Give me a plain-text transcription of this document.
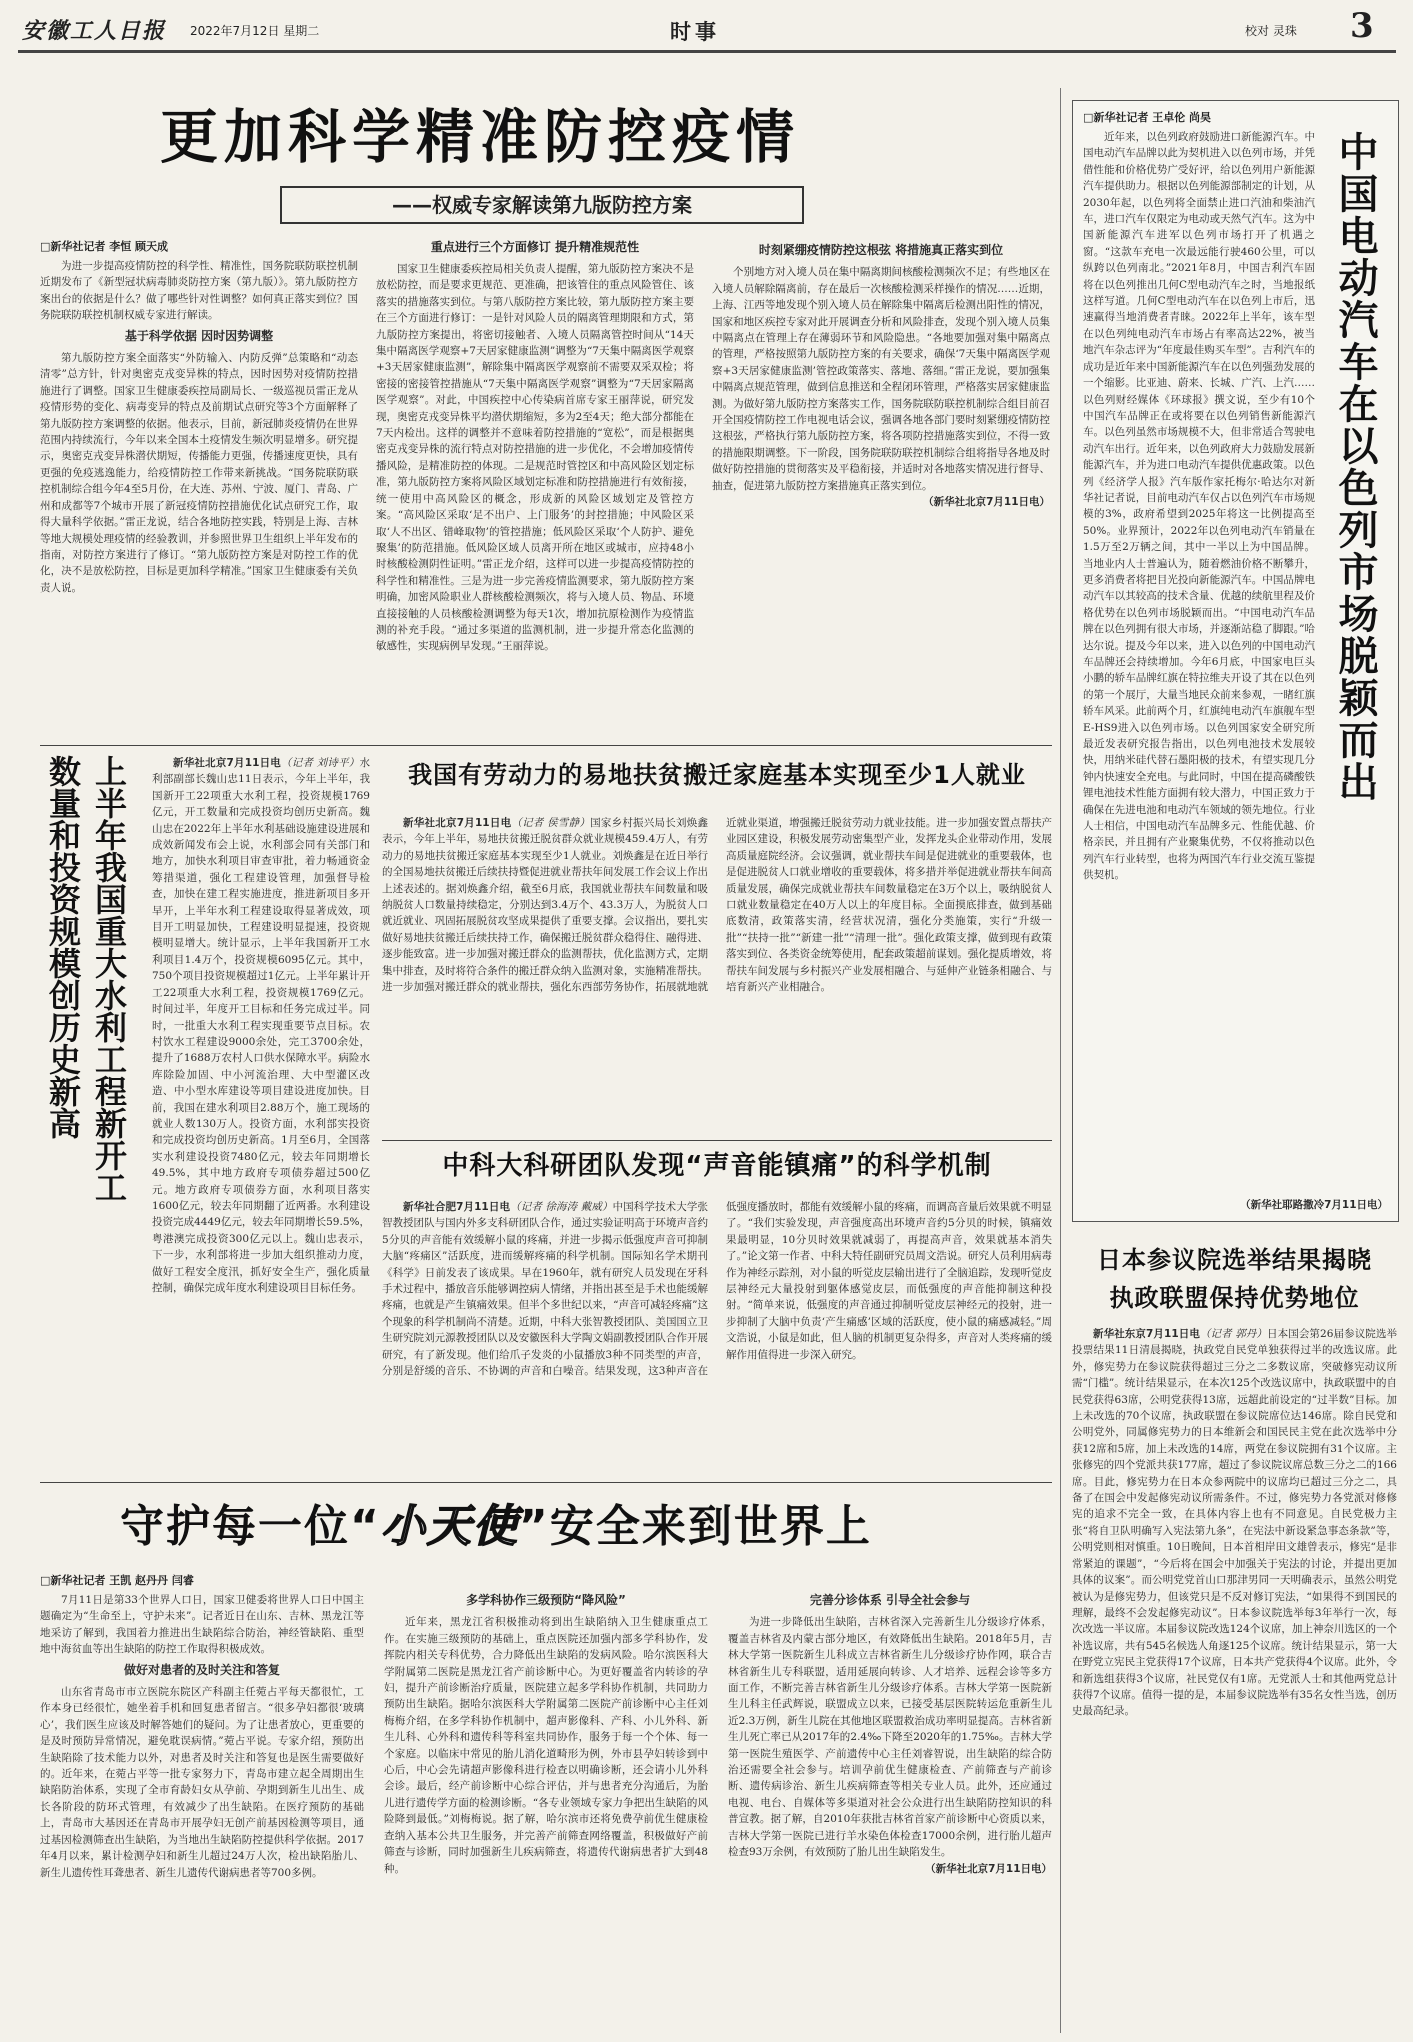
安徽工人日报 2022年7月12日 星期二	时事	校对 灵珠 3
更加科学精准防控疫情
——权威专家解读第九版防控方案
□新华社记者 李恒 顾天成

为进一步提高疫情防控的科学性、精准性，国务院联防联控机制近期发布了《新型冠状病毒肺炎防控方案（第九版）》。第九版防控方案出台的依据是什么？做了哪些针对性调整？如何真正落实到位？国务院联防联控机制权威专家进行解读。

基于科学依据 因时因势调整

第九版防控方案全面落实“外防输入、内防反弹”总策略和“动态清零”总方针，针对奥密克戎变异株的特点，因时因势对疫情防控措施进行了调整。国家卫生健康委疾控局副局长、一级巡视员雷正龙从疫情形势的变化、病毒变异的特点及前期试点研究等3个方面解释了第九版防控方案调整的依据。他表示，目前，新冠肺炎疫情仍在世界范围内持续流行，今年以来全国本土疫情发生频次明显增多。研究提示，奥密克戎变异株潜伏期短，传播能力更强，传播速度更快，具有更强的免疫逃逸能力，给疫情防控工作带来新挑战。“国务院联防联控机制综合组今年4至5月份，在大连、苏州、宁波、厦门、青岛、广州和成都等7个城市开展了新冠疫情防控措施优化试点研究工作，取得大量科学依据。”雷正龙说，结合各地防控实践，特别是上海、吉林等地大规模处理疫情的经验教训，并参照世界卫生组织上半年发布的指南，对防控方案进行了修订。“第九版防控方案是对防控工作的优化，决不是放松防控，目标是更加科学精准。”国家卫生健康委有关负责人说。

重点进行三个方面修订 提升精准规范性

国家卫生健康委疾控局相关负责人提醒，第九版防控方案决不是放松防控，而是要求更规范、更准确，把该管住的重点风险管住、该落实的措施落实到位。与第八版防控方案比较，第九版防控方案主要在三个方面进行修订：一是针对风险人员的隔离管理期限和方式，第九版防控方案提出，将密切接触者、入境人员隔离管控时间从“14天集中隔离医学观察+7天居家健康监测”调整为“7天集中隔离医学观察+3天居家健康监测”，解除集中隔离医学观察前不需要双采双检；将密接的密接管控措施从“7天集中隔离医学观察”调整为“7天居家隔离医学观察”。对此，中国疾控中心传染病首席专家王丽萍说，研究发现，奥密克戎变异株平均潜伏期缩短，多为2至4天；绝大部分都能在7天内检出。这样的调整并不意味着防控措施的“宽松”，而是根据奥密克戎变异株的流行特点对防控措施的进一步优化，不会增加疫情传播风险，是精准防控的体现。二是规范时管控区和中高风险区划定标准，第九版防控方案将风险区域划定标准和防控措施进行有效衔接，统一使用中高风险区的概念，形成新的风险区域划定及管控方案。“高风险区采取‘足不出户、上门服务’的封控措施；中风险区采取‘人不出区、错峰取物’的管控措施；低风险区采取‘个人防护、避免聚集’的防范措施。低风险区域人员离开所在地区或城市，应持48小时核酸检测阴性证明。”雷正龙介绍，这样可以进一步提高疫情防控的科学性和精准性。三是为进一步完善疫情监测要求，第九版防控方案明确，加密风险职业人群核酸检测频次，将与入境人员、物品、环境直接接触的人员核酸检测调整为每天1次，增加抗原检测作为疫情监测的补充手段。“通过多渠道的监测机制，进一步提升常态化监测的敏感性，实现病例早发现。”王丽萍说。

时刻紧绷疫情防控这根弦 将措施真正落实到位

个别地方对入境人员在集中隔离期间核酸检测频次不足；有些地区在入境人员解除隔离前，存在最后一次核酸检测采样操作的情况……近期，上海、江西等地发现个别入境人员在解除集中隔离后检测出阳性的情况，国家和地区疾控专家对此开展调查分析和风险排查，发现个别入境人员集中隔离点在管理上存在薄弱环节和风险隐患。“各地要加强对集中隔离点的管理，严格按照第九版防控方案的有关要求，确保‘7天集中隔离医学观察+3天居家健康监测’管控政策落实、落地、落细。”雷正龙说，要加强集中隔离点规范管理，做到信息推送和全程闭环管理，严格落实居家健康监测。为做好第九版防控方案落实工作，国务院联防联控机制综合组目前召开全国疫情防控工作电视电话会议，强调各地各部门要时刻紧绷疫情防控这根弦，严格执行第九版防控方案，将各项防控措施落实到位，不得一致的措施限期调整。下一阶段，国务院联防联控机制综合组将指导各地及时做好防控措施的贯彻落实及平稳衔接，并适时对各地落实情况进行督导、抽查，促进第九版防控方案措施真正落实到位。

（新华社北京7月11日电）
上半年我国重大水利工程新开工数量和投资规模创历史新高	新华社北京7月11日电（记者 刘诗平）水利部副部长魏山忠11日表示，今年上半年，我国新开工22项重大水利工程，投资规模1769亿元，开工数量和完成投资均创历史新高。魏山忠在2022年上半年水利基础设施建设进展和成效新闻发布会上说，水利部会同有关部门和地方，加快水利项目审查审批，着力畅通资金筹措渠道，强化工程建设管理，加强督导检查，加快在建工程实施进度，推进新项目多开早开，上半年水利工程建设取得显著成效，项目开工明显加快，工程建设明显提速，投资规模明显增大。统计显示，上半年我国新开工水利项目1.4万个，投资规模6095亿元。其中，750个项目投资规模超过1亿元。上半年累计开工22项重大水利工程，投资规模1769亿元。时间过半，年度开工目标和任务完成过半。同时，一批重大水利工程实现重要节点目标。农村饮水工程建设9000余处，完工3700余处，提升了1688万农村人口供水保障水平。病险水库除险加固、中小河流治理、大中型灌区改造、中小型水库建设等项目建设进度加快。目前，我国在建水利项目2.88万个，施工现场的就业人数130万人。投资方面，水利部实投资和完成投资均创历史新高。1月至6月，全国落实水利建设投资7480亿元，较去年同期增长49.5%，其中地方政府专项债券超过500亿元。地方政府专项债券方面，水利项目落实1600亿元，较去年同期翻了近两番。水利建设投资完成4449亿元，较去年同期增长59.5%，粤港澳完成投资300亿元以上。魏山忠表示，下一步，水利部将进一步加大组织推动力度，做好工程安全度汛，抓好安全生产，强化质量控制，确保完成年度水利建设项目目标任务。

我国有劳动力的易地扶贫搬迁家庭基本实现至少1人就业

新华社北京7月11日电（记者 侯雪静）国家乡村振兴局长刘焕鑫表示，今年上半年，易地扶贫搬迁脱贫群众就业规模459.4万人，有劳动力的易地扶贫搬迁家庭基本实现至少1人就业。刘焕鑫是在近日举行的全国易地扶贫搬迁后续扶持暨促进就业帮扶年间发展工作会议上作出上述表述的。据刘焕鑫介绍，截至6月底，我国就业帮扶车间数量和吸纳脱贫人口数量持续稳定，分别达到3.4万个、43.3万人，为脱贫人口就近就业、巩固拓展脱贫攻坚成果提供了重要支撑。会议指出，要扎实做好易地扶贫搬迁后续扶持工作，确保搬迁脱贫群众稳得住、融得进、逐步能致富。进一步加强对搬迁群众的监测帮扶，优化监测方式，定期集中排查，及时将符合条件的搬迁群众纳入监测对象，实施精准帮扶。进一步加强对搬迁群众的就业帮扶，强化东西部劳务协作，拓展就地就近就业渠道，增强搬迁脱贫劳动力就业技能。进一步加强安置点帮扶产业园区建设，积极发展劳动密集型产业，发挥龙头企业带动作用，发展高质量庭院经济。会议强调，就业帮扶车间是促进就业的重要载体，也是促进脱贫人口就业增收的重要载体，将多措并举促进就业帮扶车间高质量发展，确保完成就业帮扶车间数量稳定在3万个以上，吸纳脱贫人口就业数量稳定在40万人以上的年度目标。全面摸底排查，做到基础底数清，政策落实清，经营状况清，强化分类施策，实行“升级一批”“扶持一批”“新建一批”“清理一批”。强化政策支撑，做到现有政策落实到位、各类资金统筹使用，配套政策超前谋划。强化提质增效，将帮扶车间发展与乡村振兴产业发展相融合、与延伸产业链条相融合、与培育新兴产业相融合。

中科大科研团队发现“声音能镇痛”的科学机制

新华社合肥7月11日电（记者 徐海涛 戴威）中国科学技术大学张智教授团队与国内外多支科研团队合作，通过实验证明高于环境声音约5分贝的声音能有效缓解小鼠的疼痛，并进一步揭示低强度声音可抑制大脑“疼痛区”活跃度，进而缓解疼痛的科学机制。国际知名学术期刊《科学》日前发表了该成果。早在1960年，就有研究人员发现在牙科手术过程中，播放音乐能够调控病人情绪，并指出甚至是手术也能缓解疼痛，也就是产生镇痛效果。但半个多世纪以来，“声音可减轻疼痛”这个现象的科学机制尚不清楚。近期，中科大张智教授团队、美国国立卫生研究院刘元源教授团队以及安徽医科大学陶文娟副教授团队合作开展研究，有了新发现。他们给爪子发炎的小鼠播放3种不同类型的声音，分别是舒缓的音乐、不协调的声音和白噪音。结果发现，这3种声音在低强度播放时，都能有效缓解小鼠的疼痛，而调高音量后效果就不明显了。“我们实验发现，声音强度高出环境声音约5分贝的时候，镇痛效果最明显，10分贝时效果就减弱了，再提高声音，效果就基本消失了。”论文第一作者、中科大特任副研究员周文浩说。研究人员利用病毒作为神经示踪剂，对小鼠的听觉皮层输出进行了全脑追踪，发现听觉皮层神经元大量投射到躯体感觉皮层，而低强度的声音能抑制这种投射。“简单来说，低强度的声音通过抑制听觉皮层神经元的投射，进一步抑制了大脑中负责‘产生痛感’区域的活跃度，使小鼠的痛感减轻。”周文浩说，小鼠是如此，但人脑的机制更复杂得多，声音对人类疼痛的缓解作用值得进一步深入研究。

守护每一位“小天使”安全来到世界上
□新华社记者 王凯 赵丹丹 闫睿

7月11日是第33个世界人口日，国家卫健委将世界人口日中国主题确定为“生命至上，守护未来”。记者近日在山东、吉林、黑龙江等地采访了解到，我国着力推进出生缺陷综合防治，神经管缺陷、重型地中海贫血等出生缺陷的防控工作取得积极成效。

做好对患者的及时关注和答复

山东省青岛市市立医院东院区产科副主任菀占平每天都很忙，工作本身已经很忙，她坐着手机和回复患者留言。“很多孕妇都很‘玻璃心’，我们医生应该及时解答她们的疑问。为了让患者放心，更重要的是及时预防异常情况，避免耽误病情。”菀占平说。专家介绍，预防出生缺陷除了技术能力以外，对患者及时关注和答复也是医生需要做好的。近年来，在菀占平等一批专家努力下，青岛市建立起全周期出生缺陷防治体系，实现了全市育龄妇女从孕前、孕期到新生儿出生、成长各阶段的防环式管理，有效减少了出生缺陷。在医疗预防的基础上，青岛市大基因还在青岛市开展孕妇无创产前基因检测等项目，通过基因检测筛查出生缺陷，为当地出生缺陷防控提供科学依据。2017年4月以来，累计检测孕妇和新生儿超过24万人次，检出缺陷胎儿、新生儿遗传性耳聋患者、新生儿遗传代谢病患者等700多例。

多学科协作三级预防“降风险”

近年来，黑龙江省积极推动将到出生缺陷纳入卫生健康重点工作。在实施三级预防的基础上，重点医院还加强内部多学科协作，发挥院内相关专科优势，合力降低出生缺陷的发病风险。哈尔滨医科大学附属第二医院是黑龙江省产前诊断中心。为更好覆盖省内转诊的孕妇，提升产前诊断治疗质量，医院建立起多学科协作机制，共同助力预防出生缺陷。据哈尔滨医科大学附属第二医院产前诊断中心主任刘梅梅介绍，在多学科协作机制中，超声影像科、产科、小儿外科、新生儿科、心外科和遗传科等科室共同协作，服务于每一个个体、每一个家庭。以临床中常见的胎儿消化道畸形为例，外市县孕妇转诊到中心后，中心会先请超声影像科进行检查以明确诊断，还会请小儿外科会诊。最后，经产前诊断中心综合评估，并与患者充分沟通后，为胎儿进行遗传学方面的检测诊断。“各专业领域专家力争把出生缺陷的风险降到最低。”刘梅梅说。据了解，哈尔滨市还将免费孕前优生健康检查纳入基本公共卫生服务，并完善产前筛查网络覆盖，积极做好产前筛查与诊断，同时加强新生儿疾病筛查，将遗传代谢病患者扩大到48种。

完善分诊体系 引导全社会参与

为进一步降低出生缺陷，吉林省深入完善新生儿分级诊疗体系，覆盖吉林省及内蒙古部分地区，有效降低出生缺陷。2018年5月，吉林大学第一医院新生儿科成立吉林省新生儿分级诊疗协作网，联合吉林省新生儿专科联盟，适用延展向转诊、人才培养、远程会诊等多方面工作，不断完善吉林省新生儿分级诊疗体系。吉林大学第一医院新生儿科主任武辉说，联盟成立以来，已接受基层医院转运危重新生儿近2.3万例，新生儿院在其他地区联盟救治成功率明显提高。吉林省新生儿死亡率已从2017年的2.4‰下降至2020年的1.75‰。吉林大学第一医院生殖医学、产前遗传中心主任刘睿智说，出生缺陷的综合防治还需要全社会参与。培训孕前优生健康检查、产前筛查与产前诊断、遗传病诊治、新生儿疾病筛查等相关专业人员。此外，还应通过电视、电台、自媒体等多渠道对社会公众进行出生缺陷防控知识的科普宣教。据了解，自2010年获批吉林省首家产前诊断中心资质以来，吉林大学第一医院已进行羊水染色体检查17000余例，进行胎儿超声检查93万余例，有效预防了胎儿出生缺陷发生。

（新华社北京7月11日电）
□新华社记者 王卓伦 尚昊
中国电动汽车在以色列市场脱颖而出

近年来，以色列政府鼓励进口新能源汽车。中国电动汽车品牌以此为契机进入以色列市场，并凭借性能和价格优势广受好评，给以色列用户新能源汽车提供助力。根据以色列能源部制定的计划，从2030年起，以色列将全面禁止进口汽油和柴油汽车，进口汽车仅限定为电动或天然气汽车。这为中国新能源汽车进军以色列市场打开了机遇之窗。“这款车充电一次最远能行驶460公里，可以纵跨以色列南北。”2021年8月，中国吉利汽车固将在以色列推出几何C型电动汽车之时，当地报纸这样写道。几何C型电动汽车在以色列上市后，迅速赢得当地消费者青睐。2022年上半年，该车型在以色列纯电动汽车市场占有率高达22%，被当地汽车杂志评为“年度最佳购买车型”。吉利汽车的成功是近年来中国新能源汽车在以色列强劲发展的一个缩影。比亚迪、蔚来、长城、广汽、上汽……以色列财经媒体《环球报》撰文说，至少有10个中国汽车品牌正在或将要在以色列销售新能源汽车。以色列虽然市场规模不大，但非常适合驾驶电动汽车出行。近年来，以色列政府大力鼓励发展新能源汽车，并为进口电动汽车提供优惠政策。以色列《经济学人报》汽车版作家托梅尔·哈达尔对新华社记者说，目前电动汽车仅占以色列汽车市场规模的3%，政府希望到2025年将这一比例提高至50%。业界预计，2022年以色列电动汽车销量在1.5万至2万辆之间，其中一半以上为中国品牌。当地业内人士普遍认为，随着燃油价格不断攀升，更多消费者将把目光投向新能源汽车。中国品牌电动汽车以其较高的技术含量、优越的续航里程及价格优势在以色列市场脱颖而出。“中国电动汽车品牌在以色列拥有很大市场，并逐渐站稳了脚跟。”哈达尔说。提及今年以来，进入以色列的中国电动汽车品牌还会持续增加。今年6月底，中国家电巨头小鹏的轿车品牌红旗在特拉维夫开设了其在以色列的第一个展厅，大量当地民众前来参观，一睹红旗轿车风采。此前两个月，红旗纯电动汽车旗舰车型E-HS9进入以色列市场。以色列国家安全研究所最近发表研究报告指出，以色列电池技术发展较快，用纳米硅代替石墨阳极的技术，有望实现几分钟内快速安全充电。与此同时，中国在提高磷酸铁锂电池技术性能方面拥有较大潜力，中国正致力于确保在先进电池和电动汽车领域的领先地位。行业人士相信，中国电动汽车品牌多元、性能优越、价格亲民，并且拥有产业聚集优势，不仅将推动以色列汽车行业转型，也将为两国汽车行业交流互鉴提供契机。

（新华社耶路撒冷7月11日电）
日本参议院选举结果揭晓
执政联盟保持优势地位

新华社东京7月11日电（记者 郭丹）日本国会第26届参议院选举投票结果11日清晨揭晓，执政党自民党单独获得过半的改选议席。此外，修宪势力在参议院获得超过三分之二多数议席，突破修宪动议所需“门槛”。统计结果显示，在本次125个改选议席中，执政联盟中的自民党获得63席，公明党获得13席，远超此前设定的“过半数”目标。加上未改选的70个议席，执政联盟在参议院席位达146席。除自民党和公明党外，同属修宪势力的日本维新会和国民民主党在此次选举中分获12席和5席，加上未改选的14席，两党在参议院拥有31个议席。主张修宪的四个党派共获177席，超过了参议院议席总数三分之二的166席。目此，修宪势力在日本众参两院中的议席均已超过三分之二，具备了在国会中发起修宪动议所需条件。不过，修宪势力各党派对修修宪的追求不完全一致，在具体内容上也有不同意见。自民党极力主张“将自卫队明确写入宪法第九条”，在宪法中新设紧急事态条款”等，公明党则相对慎重。10日晚间，日本首相岸田文雄曾表示，修宪“是非常紧迫的课题”，“今后将在国会中加强关于宪法的讨论，并提出更加具体的议案”。而公明党党首山口那津男同一天明确表示，虽然公明党被认为是修宪势力，但该党只是不反对修订宪法，“如果得不到国民的理解，最终不会发起修宪动议”。日本参议院选举每3年举行一次，每次改选一半议席。本届参议院改选124个议席，加上神奈川选区的一个补选议席，共有545名候选人角逐125个议席。统计结果显示，第一大在野党立宪民主党获得17个议席，日本共产党获得4个议席。此外，令和新选组获得3个议席，社民党仅有1席。无党派人士和其他两党总计获得7个议席。值得一提的是，本届参议院选举有35名女性当选，创历史最高纪录。
